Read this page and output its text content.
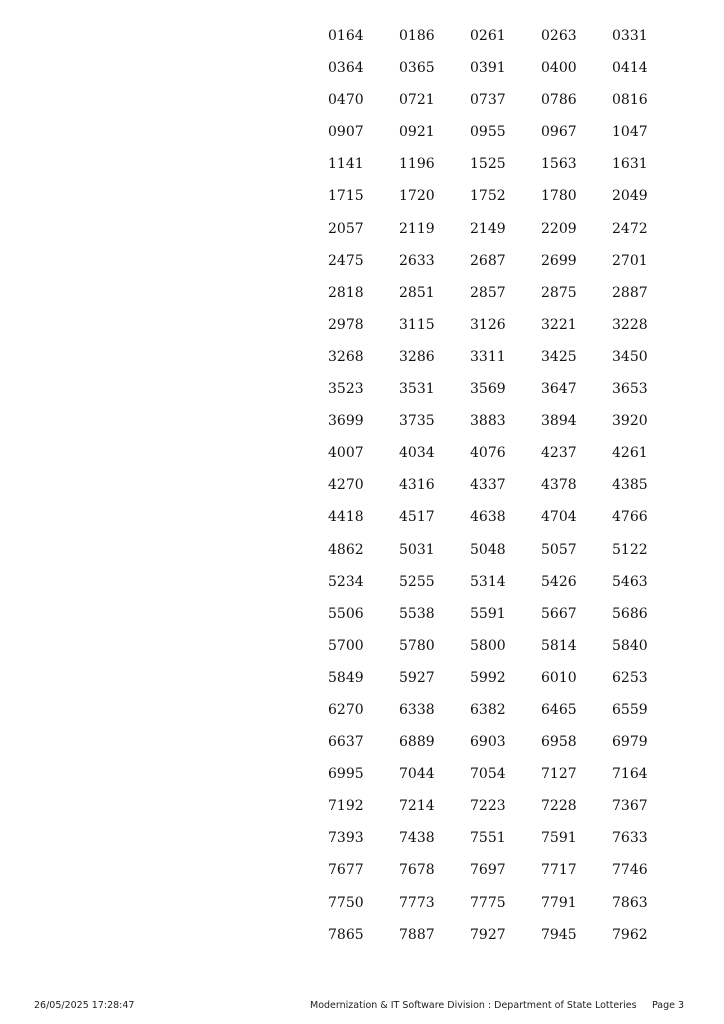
0164	0186	0261	0263	0331
0364	0365	0391	0400	0414
0470	0721	0737	0786	0816
0907	0921	0955	0967	1047
1141	1196	1525	1563	1631
1715	1720	1752	1780	2049
2057	2119	2149	2209	2472
2475	2633	2687	2699	2701
2818	2851	2857	2875	2887
2978	3115	3126	3221	3228
3268	3286	3311	3425	3450
3523	3531	3569	3647	3653
3699	3735	3883	3894	3920
4007	4034	4076	4237	4261
4270	4316	4337	4378	4385
4418	4517	4638	4704	4766
4862	5031	5048	5057	5122
5234	5255	5314	5426	5463
5506	5538	5591	5667	5686
5700	5780	5800	5814	5840
5849	5927	5992	6010	6253
6270	6338	6382	6465	6559
6637	6889	6903	6958	6979
6995	7044	7054	7127	7164
7192	7214	7223	7228	7367
7393	7438	7551	7591	7633
7677	7678	7697	7717	7746
7750	7773	7775	7791	7863
7865	7887	7927	7945	7962
26/05/2025 17:28:47	Modernization & IT Software Division : Department of State Lotteries Page 3
